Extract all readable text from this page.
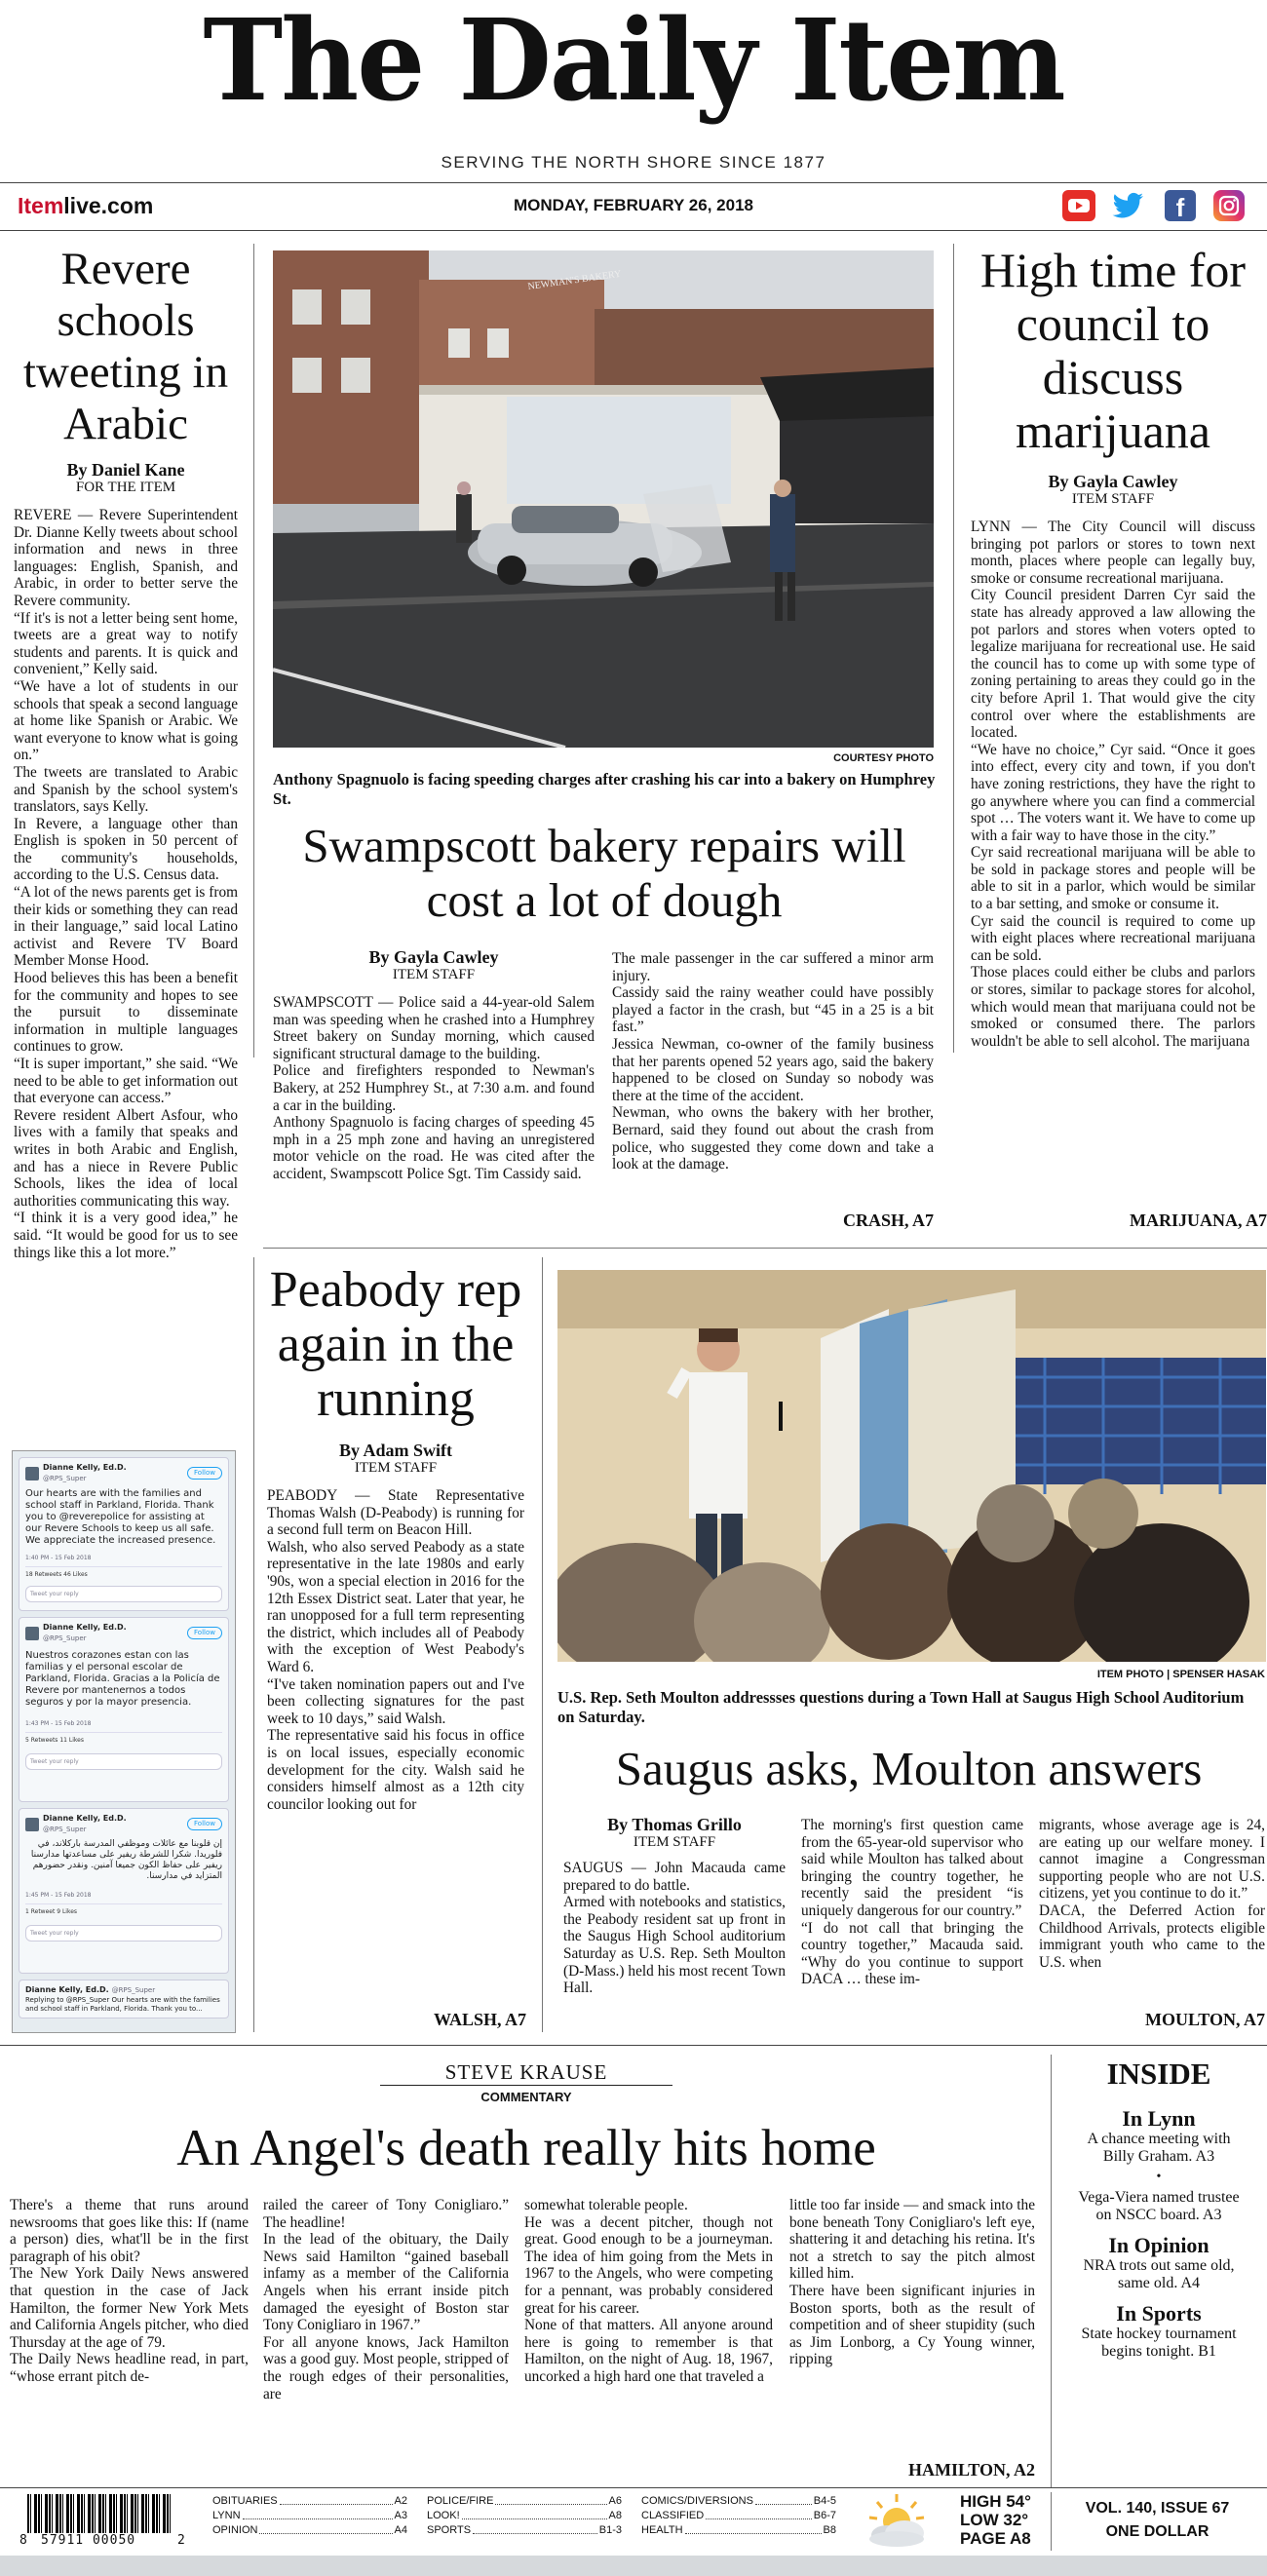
The Daily Item
SERVING THE NORTH SHORE SINCE 1877
Itemlive.com	MONDAY, FEBRUARY 26, 2018	f
Revere schools tweeting in Arabic
By Daniel Kane
FOR THE ITEM

REVERE — Revere Superintendent Dr. Dianne Kelly tweets about school information and news in three languages: English, Spanish, and Arabic, in order to better serve the Revere community.

“If it's is not a letter being sent home, tweets are a great way to notify students and parents. It is quick and convenient,” Kelly said.

“We have a lot of students in our schools that speak a second language at home like Spanish or Arabic. We want everyone to know what is going on.”

The tweets are translated to Arabic and Spanish by the school system's translators, says Kelly.

In Revere, a language other than English is spoken in 50 percent of the community's households, according to the U.S. Census data.

“A lot of the news parents get is from their kids or something they can read in their language,” said local Latino activist and Revere TV Board Member Monse Hood.

Hood believes this has been a benefit for the community and hopes to see the pursuit to disseminate information in multiple languages continues to grow.

“It is super important,” she said. “We need to be able to get information out that everyone can access.”

Revere resident Albert Asfour, who lives with a family that speaks and writes in both Arabic and English, and has a niece in Revere Public Schools, likes the idea of local authorities communicating this way.

“I think it is a very good idea,” he said. “It would be good for us to see things like this a lot more.”

Dianne Kelly, Ed.D.
@RPS_Super
Follow
Our hearts are with the families and school staff in Parkland, Florida. Thank you to @reverepolice for assisting at our Revere Schools to keep us all safe. We appreciate the increased presence.
1:40 PM - 15 Feb 2018
18 Retweets 46 Likes
Tweet your reply
Dianne Kelly, Ed.D.
@RPS_Super
Follow
Nuestros corazones estan con las familias y el personal escolar de Parkland, Florida. Gracias a la Policía de Revere por mantenernos a todos seguros y por la mayor presencia.
1:43 PM - 15 Feb 2018
5 Retweets 11 Likes
Tweet your reply
Dianne Kelly, Ed.D.
@RPS_Super
Follow
إن قلوبنا مع عائلات وموظفي المدرسة باركلاند، في فلوريدا. شكرا للشرطة ريفير على مساعدتها مدارسنا ريفير على حفاظ الكون جميعا آمنين. ونقدر حضورهم المتزايد في مدارسنا.
1:45 PM - 15 Feb 2018
1 Retweet 9 Likes
Tweet your reply
Dianne Kelly, Ed.D. @RPS_Super
Replying to @RPS_Super Our hearts are with the families and school staff in Parkland, Florida. Thank you to...
NEWMAN'S BAKERY
COURTESY PHOTO
Anthony Spagnuolo is facing speeding charges after crashing his car into a bakery on Humphrey St.
Swampscott bakery repairs will cost a lot of dough
By Gayla Cawley
ITEM STAFF

SWAMPSCOTT — Police said a 44-year-old Salem man was speeding when he crashed into a Humphrey Street bakery on Sunday morning, which caused significant structural damage to the building.

Police and firefighters responded to Newman's Bakery, at 252 Humphrey St., at 7:30 a.m. and found a car in the building.

Anthony Spagnuolo is facing charges of speeding 45 mph in a 25 mph zone and having an unregistered motor vehicle on the road. He was cited after the accident, Swampscott Police Sgt. Tim Cassidy said.

The male passenger in the car suffered a minor arm injury.

Cassidy said the rainy weather could have possibly played a factor in the crash, but “45 in a 25 is a bit fast.”

Jessica Newman, co-owner of the family business that her parents opened 52 years ago, said the bakery happened to be closed on Sunday so nobody was there at the time of the accident.

Newman, who owns the bakery with her brother, Bernard, said they found out about the crash from police, who suggested they come down and take a look at the damage.

CRASH, A7
High time for council to discuss marijuana
By Gayla Cawley
ITEM STAFF

LYNN — The City Council will discuss bringing pot parlors or stores to town next month, places where people can legally buy, smoke or consume recreational marijuana.

City Council president Darren Cyr said the state has already approved a law allowing the pot parlors and stores when voters opted to legalize marijuana for recreational use. He said the council has to come up with some type of zoning pertaining to areas they could go in the city before April 1. That would give the city control over where the establishments are located.

“We have no choice,” Cyr said. “Once it goes into effect, every city and town, if you don't have zoning restrictions, they have the right to go anywhere where you can find a commercial spot … The voters want it. We have to come up with a fair way to have those in the city.”

Cyr said recreational marijuana will be able to be sold in package stores and people will be able to sit in a parlor, which would be similar to a bar setting, and smoke or consume it.

Cyr said the council is required to come up with eight places where recreational marijuana can be sold.

Those places could either be clubs and parlors or stores, similar to package stores for alcohol, which would mean that marijuana could not be smoked or consumed there. The parlors wouldn't be able to sell alcohol. The marijuana

MARIJUANA, A7
Peabody rep again in the running
By Adam Swift
ITEM STAFF

PEABODY — State Representative Thomas Walsh (D-Peabody) is running for a second full term on Beacon Hill.

Walsh, who also served Peabody as a state representative in the late 1980s and early '90s, won a special election in 2016 for the 12th Essex District seat. Later that year, he ran unopposed for a full term representing the district, which includes all of Peabody with the exception of West Peabody's Ward 6.

“I've taken nomination papers out and I've been collecting signatures for the past week to 10 days,” said Walsh.

The representative said his focus in office is on local issues, especially economic development for the city. Walsh said he considers himself almost as a 12th city councilor looking out for

WALSH, A7
ITEM PHOTO | SPENSER HASAK
U.S. Rep. Seth Moulton addressses questions during a Town Hall at Saugus High School Auditorium on Saturday.
Saugus asks, Moulton answers
By Thomas Grillo
ITEM STAFF

SAUGUS — John Macauda came prepared to do battle.

Armed with notebooks and statistics, the Peabody resident sat up front in the Saugus High School auditorium Saturday as U.S. Rep. Seth Moulton (D-Mass.) held his most recent Town Hall.

The morning's first question came from the 65-year-old supervisor who said while Moulton has talked about bringing the country together, he recently said the president “is uniquely dangerous for our country.”

“I do not call that bringing the country together,” Macauda said. “Why do you continue to support DACA … these im-

migrants, whose average age is 24, are eating up our welfare money. I cannot imagine a Congressman supporting people who are not U.S. citizens, yet you continue to do it.”

DACA, the Deferred Action for Childhood Arrivals, protects eligible immigrant youth who came to the U.S. when

MOULTON, A7
STEVE KRAUSE
COMMENTARY
An Angel's death really hits home

There's a theme that runs around newsrooms that goes like this: If (name a person) dies, what'll be in the first paragraph of his obit?

The New York Daily News answered that question in the case of Jack Hamilton, the former New York Mets and California Angels pitcher, who died Thursday at the age of 79.

The Daily News headline read, in part, “whose errant pitch de-

railed the career of Tony Conigliaro.” The headline!

In the lead of the obituary, the Daily News said Hamilton “gained baseball infamy as a member of the California Angels when his errant inside pitch damaged the eyesight of Boston star Tony Conigliaro in 1967.”

For all anyone knows, Jack Hamilton was a good guy. Most people, stripped of the rough edges of their personalities, are

somewhat tolerable people.

He was a decent pitcher, though not great. Good enough to be a journeyman. The idea of him going from the Mets in 1967 to the Angels, who were competing for a pennant, was probably considered great for his career.

None of that matters. All anyone around here is going to remember is that Hamilton, on the night of Aug. 18, 1967, uncorked a high hard one that traveled a

little too far inside — and smack into the bone beneath Tony Conigliaro's left eye, shattering it and detaching his retina. It's not a stretch to say the pitch almost killed him.

There have been significant injuries in Boston sports, both as the result of competition and of sheer stupidity (such as Jim Lonborg, a Cy Young winner, ripping

HAMILTON, A2
INSIDE
In Lynn
A chance meeting with Billy Graham. A3
•
Vega-Viera named trustee on NSCC board. A3
In Opinion
NRA trots out same old, same old. A4
In Sports
State hockey tournament begins tonight. B1
8 57911 00050	2
OBITUARIES	A2
LYNN	A3
OPINION	A4
POLICE/FIRE	A6
LOOK!	A8
SPORTS	B1-3
COMICS/DIVERSIONS	B4-5
CLASSIFIED	B6-7
HEALTH	B8
HIGH 54°
LOW 32°
PAGE A8
VOL. 140, ISSUE 67
ONE DOLLAR
